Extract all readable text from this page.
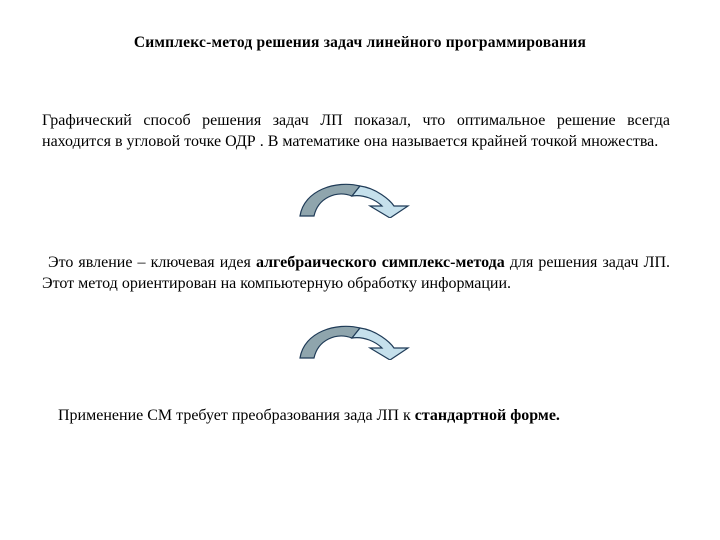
Симплекс-метод решения задач линейного программирования
Графический способ решения задач ЛП показал, что оптимальное решение всегда находится в угловой точке ОДР . В математике она называется крайней точкой множества.
Это явление – ключевая идея алгебраического симплекс-метода для решения задач ЛП. Этот метод ориентирован на компьютерную обработку информации.
Применение СМ требует преобразования зада ЛП к стандартной форме.
